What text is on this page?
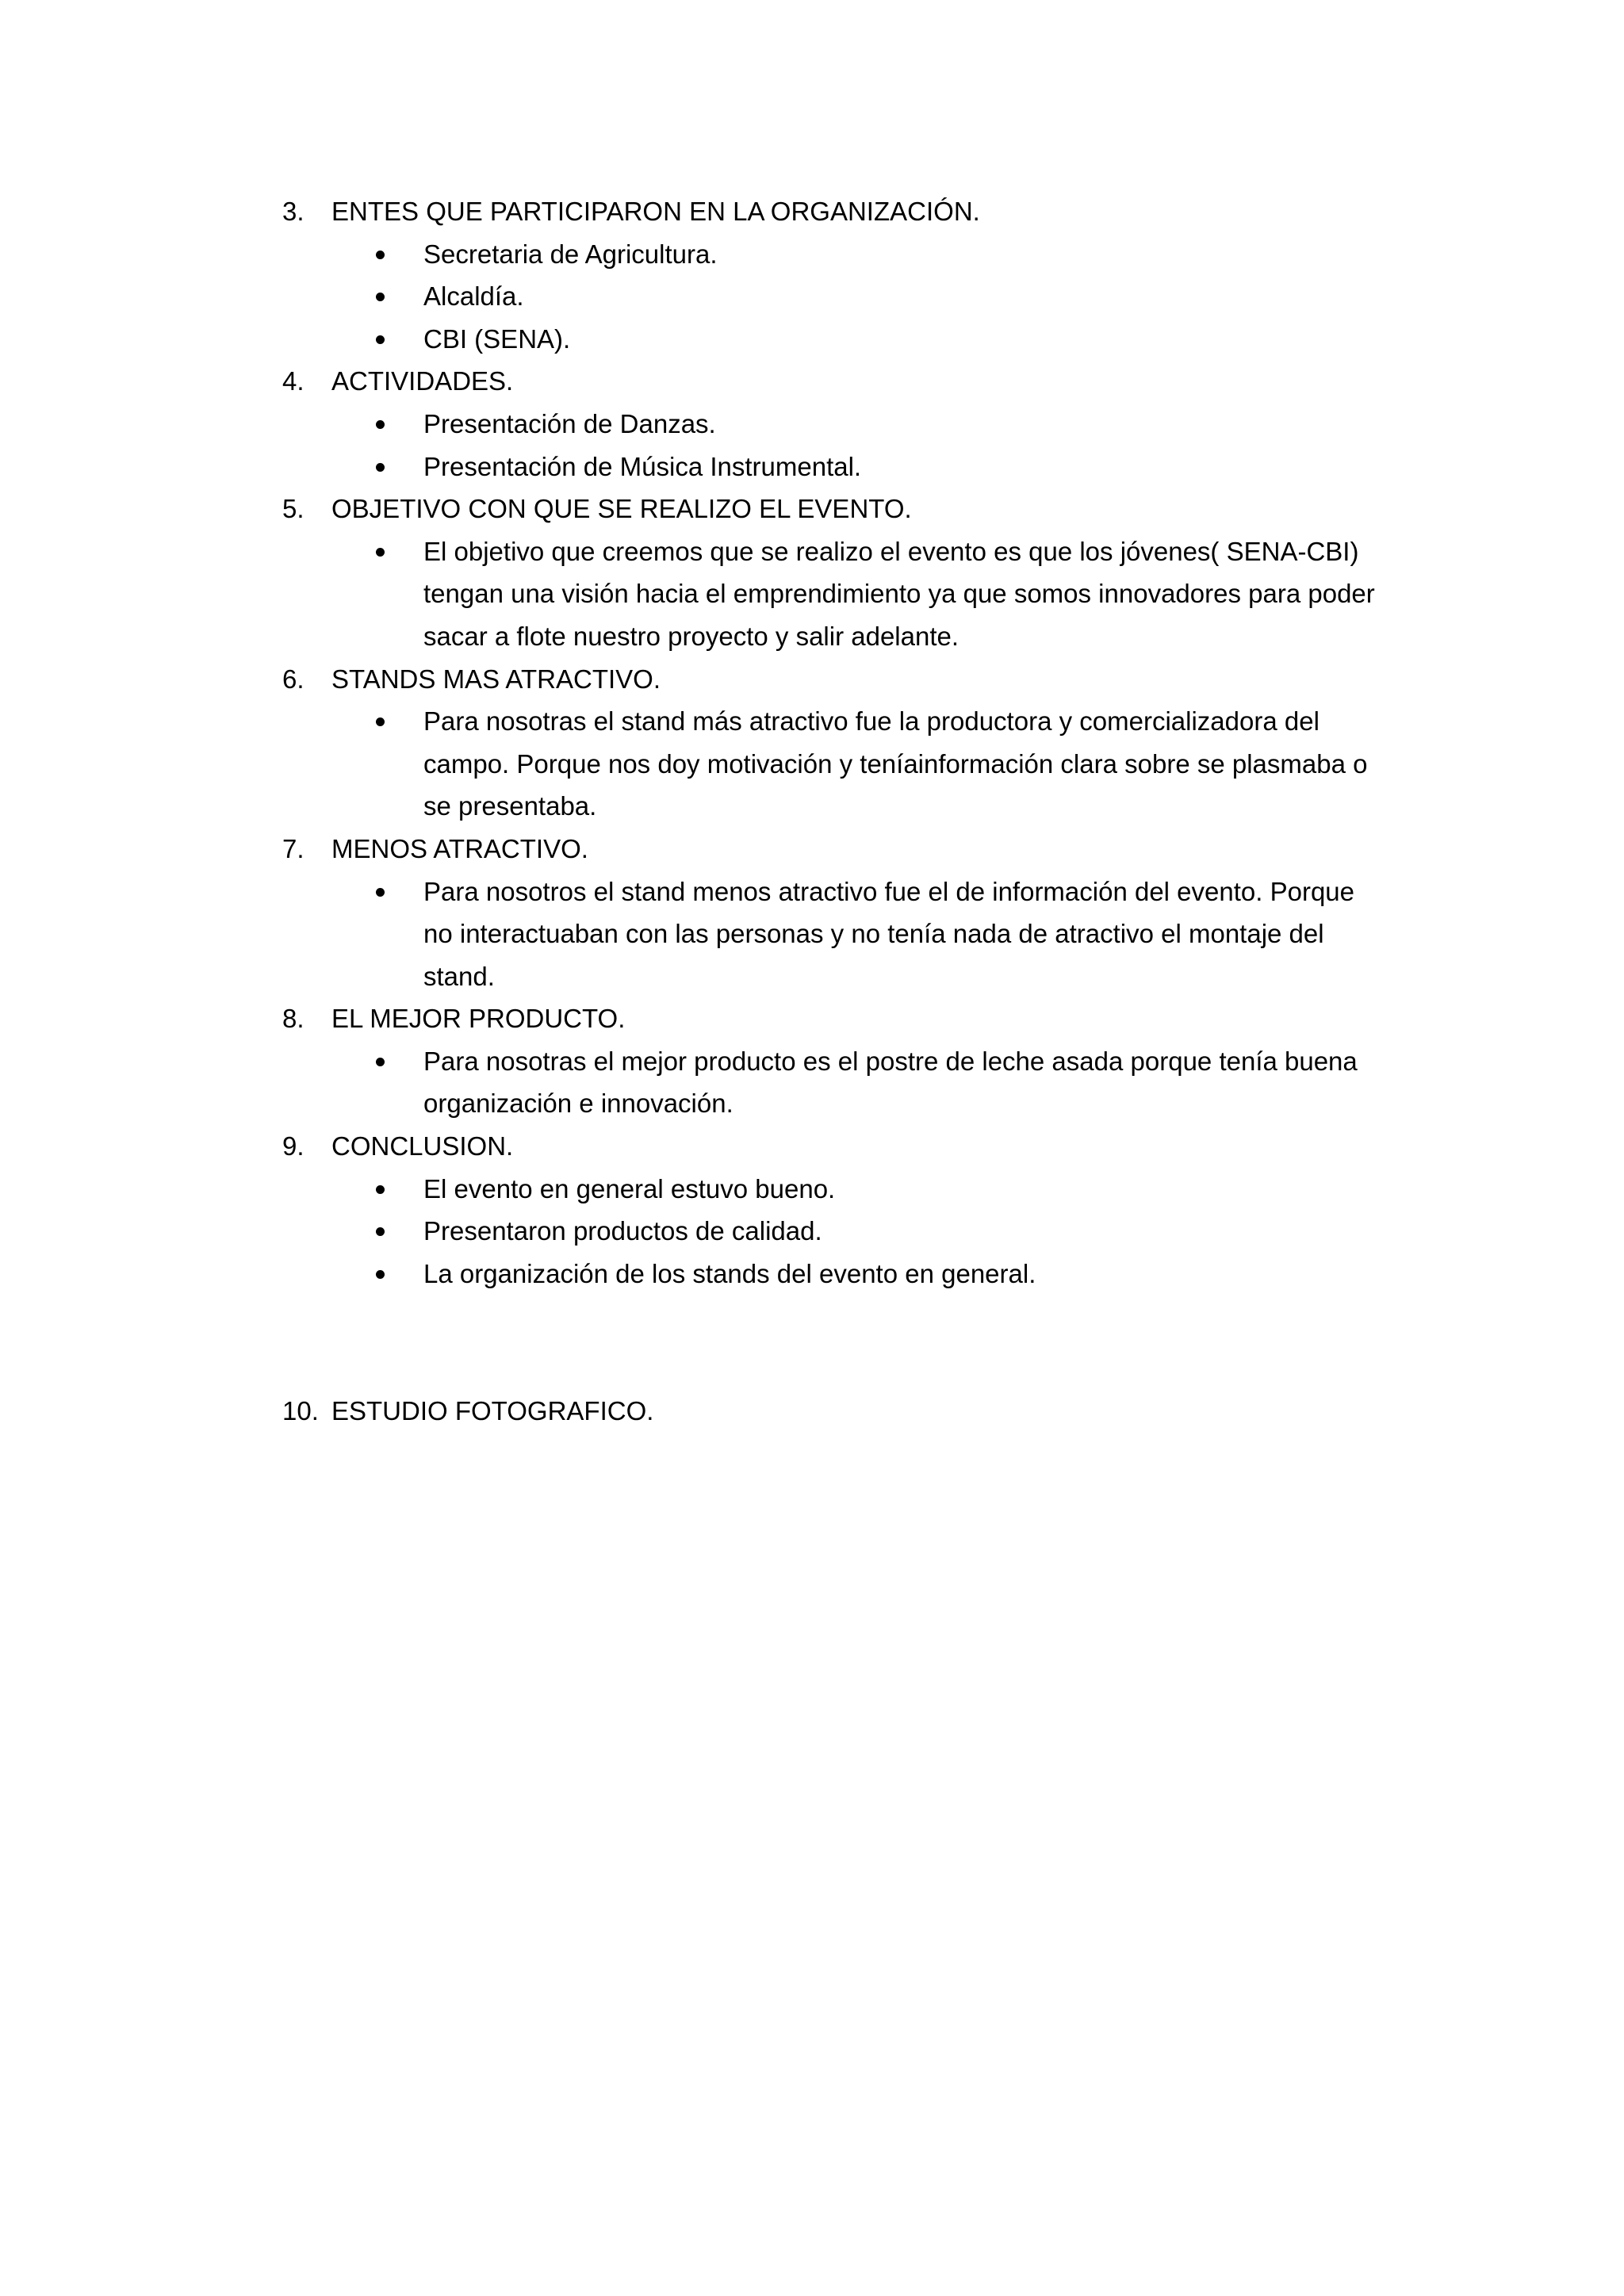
3.	ENTES QUE PARTICIPARON EN LA ORGANIZACIÓN.
Secretaria de Agricultura.
Alcaldía.
CBI (SENA).
4.	ACTIVIDADES.
Presentación de Danzas.
Presentación de Música Instrumental.
5.	OBJETIVO CON QUE SE REALIZO EL EVENTO.
El objetivo que creemos que se realizo el evento es que los jóvenes( SENA-CBI) tengan una visión hacia el emprendimiento ya que somos innovadores para poder sacar a flote nuestro proyecto y salir adelante.
6.	STANDS MAS ATRACTIVO.
Para nosotras el stand más atractivo fue la productora y comercializadora del campo. Porque nos doy motivación y teníainformación clara sobre se plasmaba o se presentaba.
7.	MENOS ATRACTIVO.
Para nosotros el stand menos atractivo fue el de información del evento. Porque no interactuaban con las personas y no tenía nada de atractivo el montaje del stand.
8.	EL MEJOR PRODUCTO.
Para nosotras el mejor producto es el postre de leche asada porque tenía buena organización e innovación.
9.	CONCLUSION.
El evento en general estuvo bueno.
Presentaron productos de calidad.
La organización de los stands del evento en general.
10. ESTUDIO FOTOGRAFICO.
